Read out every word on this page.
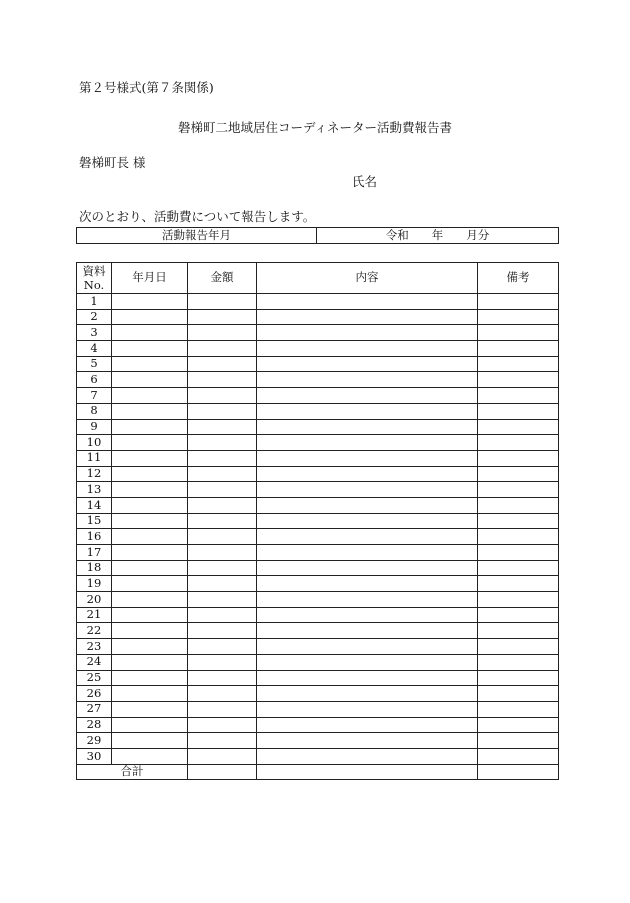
第２号様式(第７条関係)
磐梯町二地域居住コーディネーター活動費報告書
磐梯町長 様
氏名
次のとおり、活動費について報告します。
活動報告年月	令和　　年　　月分
資料
No.	年月日	金額	内容	備考
1				
2				
3				
4				
5				
6				
7				
8				
9				
10				
11				
12				
13				
14				
15				
16				
17				
18				
19				
20				
21				
22				
23				
24				
25				
26				
27				
28				
29				
30				
合計				
